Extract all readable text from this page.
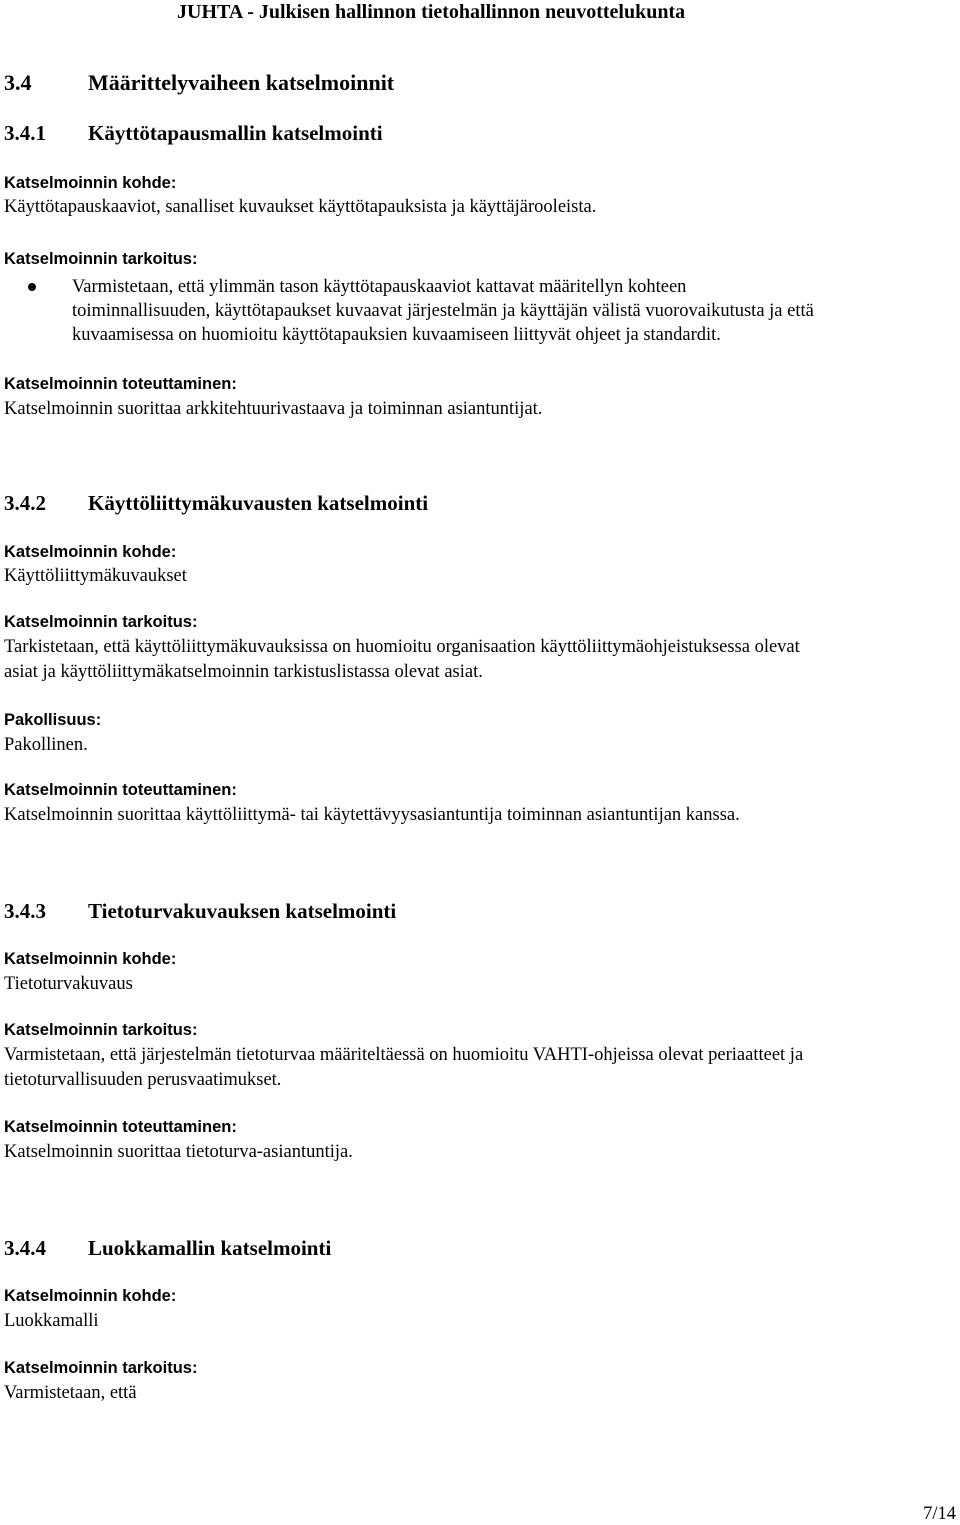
JUHTA - Julkisen hallinnon tietohallinnon neuvottelukunta
3.4	Määrittelyvaiheen katselmoinnit
3.4.1 Käyttötapausmallin katselmointi
Katselmoinnin kohde:
Käyttötapauskaaviot, sanalliset kuvaukset käyttötapauksista ja käyttäjärooleista.
Katselmoinnin tarkoitus:
Varmistetaan, että ylimmän tason käyttötapauskaaviot kattavat määritellyn kohteen
toiminnallisuuden, käyttötapaukset kuvaavat järjestelmän ja käyttäjän välistä vuorovaikutusta ja että
kuvaamisessa on huomioitu käyttötapauksien kuvaamiseen liittyvät ohjeet ja standardit.
Katselmoinnin toteuttaminen:
Katselmoinnin suorittaa arkkitehtuurivastaava ja toiminnan asiantuntijat.
3.4.2 Käyttöliittymäkuvausten katselmointi
Katselmoinnin kohde:
Käyttöliittymäkuvaukset
Katselmoinnin tarkoitus:
Tarkistetaan, että käyttöliittymäkuvauksissa on huomioitu organisaation käyttöliittymäohjeistuksessa olevat
asiat ja käyttöliittymäkatselmoinnin tarkistuslistassa olevat asiat.
Pakollisuus:
Pakollinen.
Katselmoinnin toteuttaminen:
Katselmoinnin suorittaa käyttöliittymä- tai käytettävyysasiantuntija toiminnan asiantuntijan kanssa.
3.4.3 Tietoturvakuvauksen katselmointi
Katselmoinnin kohde:
Tietoturvakuvaus
Katselmoinnin tarkoitus:
Varmistetaan, että järjestelmän tietoturvaa määriteltäessä on huomioitu VAHTI-ohjeissa olevat periaatteet ja
tietoturvallisuuden perusvaatimukset.
Katselmoinnin toteuttaminen:
Katselmoinnin suorittaa tietoturva-asiantuntija.
3.4.4 Luokkamallin katselmointi
Katselmoinnin kohde:
Luokkamalli
Katselmoinnin tarkoitus:
Varmistetaan, että
7/14
